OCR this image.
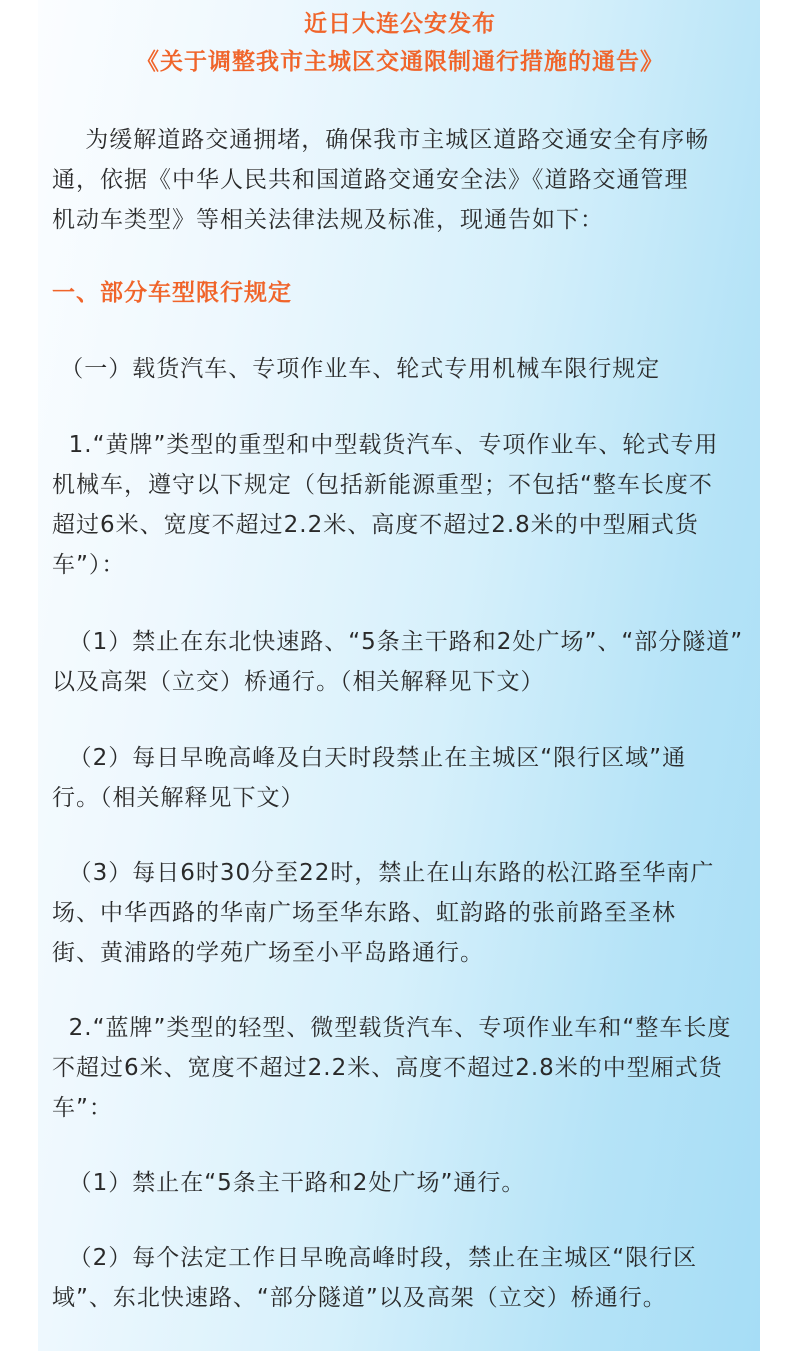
近日大连公安发布

《关于调整我市主城区交通限制通行措施的通告》

为缓解道路交通拥堵，确保我市主城区道路交通安全有序畅

通，依据《中华人民共和国道路交通安全法》《道路交通管理

机动车类型》等相关法律法规及标准，现通告如下：

一、部分车型限行规定

（一）载货汽车、专项作业车、轮式专用机械车限行规定

1.“黄牌”类型的重型和中型载货汽车、专项作业车、轮式专用

机械车，遵守以下规定（包括新能源重型；不包括“整车长度不

超过6米、宽度不超过2.2米、高度不超过2.8米的中型厢式货

车”）：

（1）禁止在东北快速路、“5条主干路和2处广场”、“部分隧道”

以及高架（立交）桥通行。（相关解释见下文）

（2）每日早晚高峰及白天时段禁止在主城区“限行区域”通

行。（相关解释见下文）

（3）每日6时30分至22时，禁止在山东路的松江路至华南广

场、中华西路的华南广场至华东路、虹韵路的张前路至圣林

街、黄浦路的学苑广场至小平岛路通行。

2.“蓝牌”类型的轻型、微型载货汽车、专项作业车和“整车长度

不超过6米、宽度不超过2.2米、高度不超过2.8米的中型厢式货

车”：

（1）禁止在“5条主干路和2处广场”通行。

（2）每个法定工作日早晚高峰时段，禁止在主城区“限行区

域”、东北快速路、“部分隧道”以及高架（立交）桥通行。
